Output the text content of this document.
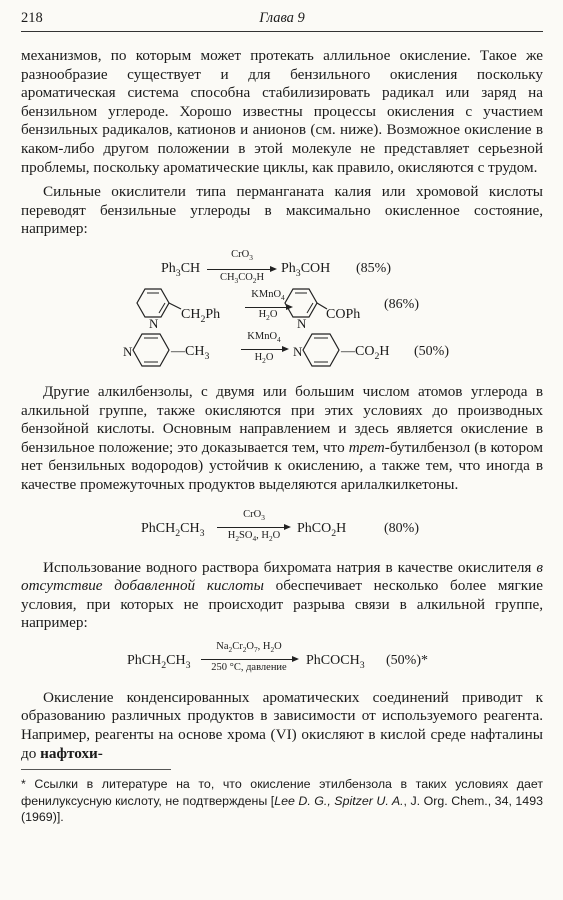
218	Глава 9

механизмов, по которым может протекать аллильное окисление. Такое же разнообразие существует и для бензильного окисления поскольку ароматическая система способна стабилизировать радикал или заряд на бензильном углероде. Хорошо известны процессы окисления с участием бензильных радикалов, катионов и анионов (см. ниже). Возможное окисление в каком-либо другом положении в этой молекуле не представляет серьезной проблемы, поскольку ароматические циклы, как правило, окисляются с трудом.

Сильные окислители типа перманганата калия или хромовой кислоты переводят бензильные углероды в максимально окисленное состояние, например:

$Ph_3CH$
CrO$_3$
$CH_3CO_2H$
$Ph_3COH$ (85%)
N
$CH_2Ph$
KMnO$_4$
$H_2O$
N
COPh
(86%)
N	$—CH_3$
KMnO$_4$
$H_2O$	N	$—CO_2H$ (50%)

Другие алкилбензолы, с двумя или большим числом атомов углерода в алкильной группе, также окисляются при этих условиях до производных бензойной кислоты. Основным направлением и здесь является окисление в бензильное положение; это доказывается тем, что трет-бутилбензол (в котором нет бензильных водородов) устойчив к окислению, а также тем, что иногда в качестве промежуточных продуктов выделяются арилалкилкетоны.

$PhCH_2CH_3$
CrO$_3$
$H_2SO_4$, $H_2O$	PhCO$_2$H	(80%)

Использование водного раствора бихромата натрия в качестве окислителя в отсутствие добавленной кислоты обеспечивает несколько более мягкие условия, при которых не происходит разрыва связи в алкильной группе, например:

$PhCH_2CH_3$
$Na_2Cr_2O_7$, $H_2O$
250 °C, давление	PhCOCH$_3$ (50%)*

Окисление конденсированных ароматических соединений приводит к образованию различных продуктов в зависимости от используемого реагента. Например, реагенты на основе хрома (VI) окисляют в кислой среде нафталины до нафтохи-

* Ссылки в литературе на то, что окисление этилбензола в таких условиях дает фенилуксусную кислоту, не подтверждены [Lee D. G., Spitzer U. A., J. Org. Chem., 34, 1493 (1969)].
